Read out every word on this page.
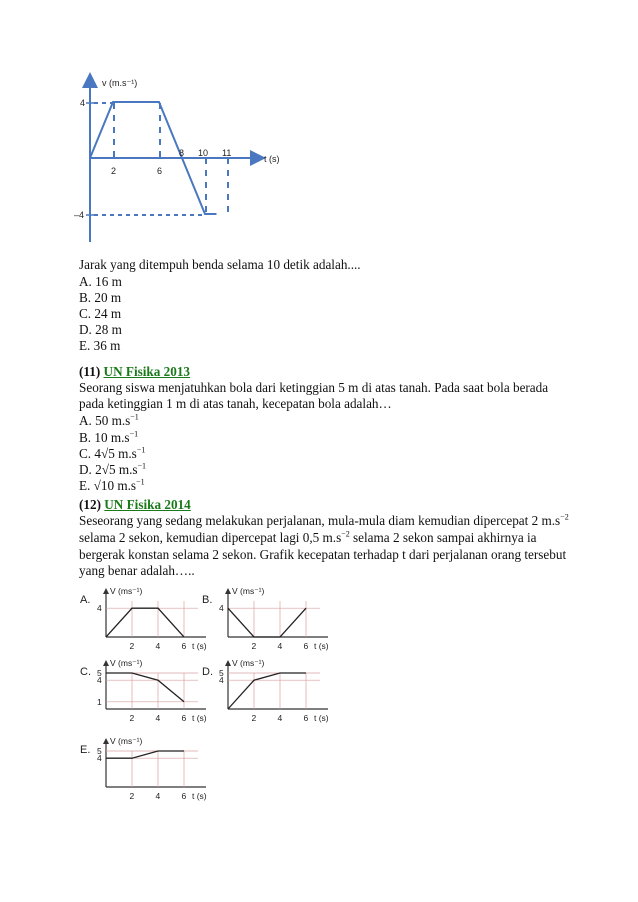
v (m.s⁻¹)
t (s)
4
–4
2	6
8 10 11
Jarak yang ditempuh benda selama 10 detik adalah....
A. 16 m
B. 20 m
C. 24 m
D. 28 m
E. 36 m
(11) UN Fisika 2013
Seorang siswa menjatuhkan bola dari ketinggian 5 m di atas tanah. Pada saat bola berada
pada ketinggian 1 m di atas tanah, kecepatan bola adalah…
A. 50 $m.s^{-1}$
B. 10 $m.s^{-1}$
C. 4√5 $m.s^{-1}$
D. 2√5 $m.s^{-1}$
E. √10 $m.s^{-1}$
(12) UN Fisika 2014
Seseorang yang sedang melakukan perjalanan, mula-mula diam kemudian dipercepat 2 $m.s^{-2}$
selama 2 sekon, kemudian dipercepat lagi 0,5 $m.s^{-2}$ selama 2 sekon sampai akhirnya ia
bergerak konstan selama 2 sekon. Grafik kecepatan terhadap t dari perjalanan orang tersebut
yang benar adalah…..
A.
V (ms⁻¹)
4
2	4	6 t (s)
B.
V (ms⁻¹)
4
2	4	6 t (s)
C.
V (ms⁻¹)
5
4
1
2	4	6 t (s)
D.
V (ms⁻¹)
5
4
2	4	6 t (s)
E.
V (ms⁻¹)
5
4
2	4	6 t (s)
